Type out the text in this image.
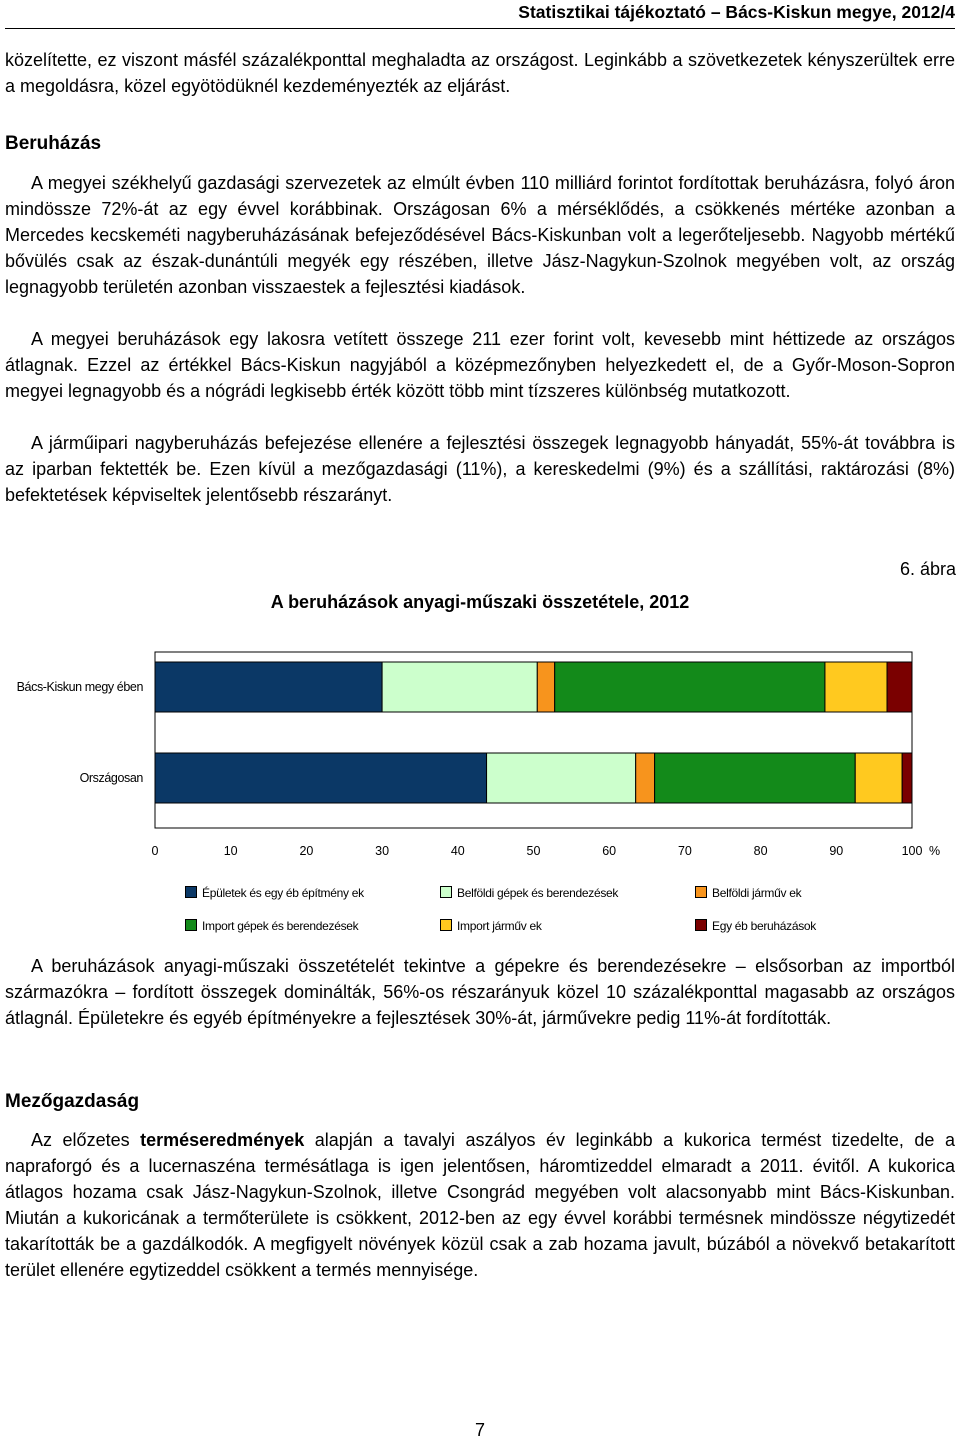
Statisztikai tájékoztató – Bács-Kiskun megye, 2012/4

közelítette, ez viszont másfél százalékponttal meghaladta az országost. Leginkább a szövetkezetek kényszerültek erre a megoldásra, közel egyötödüknél kezdeményezték az eljárást.

Beruházás

A megyei székhelyű gazdasági szervezetek az elmúlt évben 110 milliárd forintot fordítottak beruházásra, folyó áron mindössze 72%-át az egy évvel korábbinak. Országosan 6% a mérséklődés, a csökkenés mértéke azonban a Mercedes kecskeméti nagyberuházásának befejeződésével Bács-Kiskunban volt a legerőteljesebb. Nagyobb mértékű bővülés csak az észak-dunántúli megyék egy részében, illetve Jász-Nagykun-Szolnok megyében volt, az ország legnagyobb területén azonban visszaestek a fejlesztési kiadások.

A megyei beruházások egy lakosra vetített összege 211 ezer forint volt, kevesebb mint héttizede az országos átlagnak. Ezzel az értékkel Bács-Kiskun nagyjából a középmezőnyben helyezkedett el, de a Győr-Moson-Sopron megyei legnagyobb és a nógrádi legkisebb érték között több mint tízszeres különbség mutatkozott.

A járműipari nagyberuházás befejezése ellenére a fejlesztési összegek legnagyobb hányadát, 55%-át továbbra is az iparban fektették be. Ezen kívül a mezőgazdasági (11%), a kereskedelmi (9%) és a szállítási, raktározási (8%) befektetések képviseltek jelentősebb részarányt.

6. ábra
A beruházások anyagi-műszaki összetétele, 2012
Bács-Kiskun megy ében
Országosan
0	10	20	30	40	50	60	70	80	90	100 %
Épületek és egy éb építmény ek	Belföldi gépek és berendezések	Belföldi járműv ek
Import gépek és berendezések	Import járműv ek	Egy éb beruházások

A beruházások anyagi-műszaki összetételét tekintve a gépekre és berendezésekre – elsősorban az importból származókra – fordított összegek dominálták, 56%-os részarányuk közel 10 százalékponttal magasabb az országos átlagnál. Épületekre és egyéb építményekre a fejlesztések 30%-át, járművekre pedig 11%-át fordították.

Mezőgazdaság

Az előzetes terméseredmények alapján a tavalyi aszályos év leginkább a kukorica termést tizedelte, de a napraforgó és a lucernaszéna termésátlaga is igen jelentősen, háromtizeddel elmaradt a 2011. évitől. A kukorica átlagos hozama csak Jász-Nagykun-Szolnok, illetve Csongrád megyében volt alacsonyabb mint Bács-Kiskunban. Miután a kukoricának a termőterülete is csökkent, 2012-ben az egy évvel korábbi termésnek mindössze négytizedét takarították be a gazdálkodók. A megfigyelt növények közül csak a zab hozama javult, búzából a növekvő betakarított terület ellenére egytizeddel csökkent a termés mennyisége.

7
